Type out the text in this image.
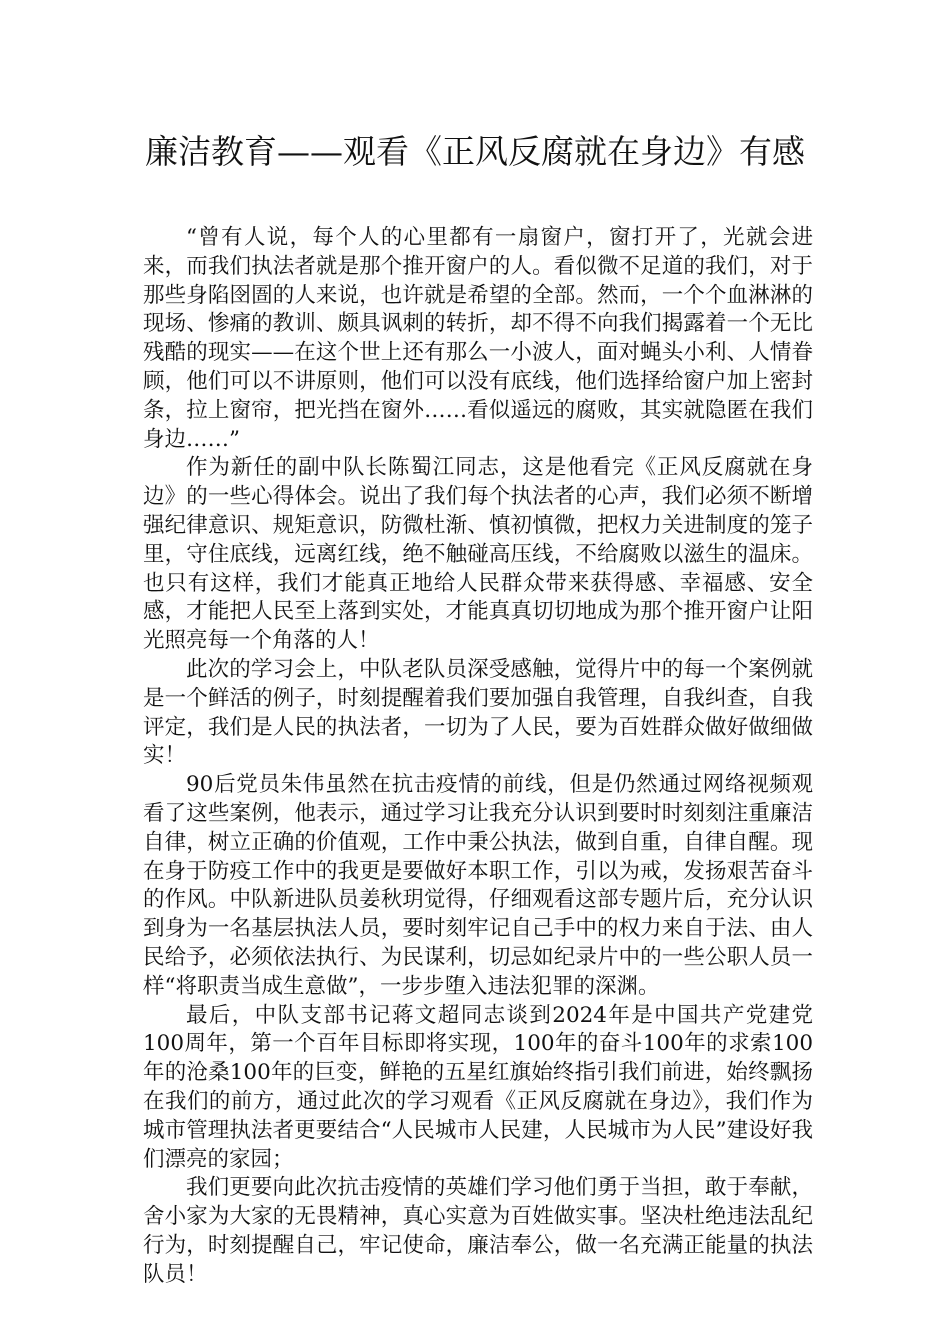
廉洁教育——观看《正风反腐就在身边》有感

“曾有人说，每个人的心里都有一扇窗户，窗打开了，光就会进来，而我们执法者就是那个推开窗户的人。看似微不足道的我们，对于那些身陷囹圄的人来说，也许就是希望的全部。然而，一个个血淋淋的现场、惨痛的教训、颇具讽刺的转折，却不得不向我们揭露着一个无比残酷的现实——在这个世上还有那么一小波人，面对蝇头小利、人情眷顾，他们可以不讲原则，他们可以没有底线，他们选择给窗户加上密封条，拉上窗帘，把光挡在窗外……看似遥远的腐败，其实就隐匿在我们身边……”

作为新任的副中队长陈蜀江同志，这是他看完《正风反腐就在身边》的一些心得体会。说出了我们每个执法者的心声，我们必须不断增强纪律意识、规矩意识，防微杜渐、慎初慎微，把权力关进制度的笼子里，守住底线，远离红线，绝不触碰高压线，不给腐败以滋生的温床。也只有这样，我们才能真正地给人民群众带来获得感、幸福感、安全感，才能把人民至上落到实处，才能真真切切地成为那个推开窗户让阳光照亮每一个角落的人！

此次的学习会上，中队老队员深受感触，觉得片中的每一个案例就是一个鲜活的例子，时刻提醒着我们要加强自我管理，自我纠查，自我评定，我们是人民的执法者，一切为了人民，要为百姓群众做好做细做实！

90后党员朱伟虽然在抗击疫情的前线，但是仍然通过网络视频观看了这些案例，他表示，通过学习让我充分认识到要时时刻刻注重廉洁自律，树立正确的价值观，工作中秉公执法，做到自重，自律自醒。现在身于防疫工作中的我更是要做好本职工作，引以为戒，发扬艰苦奋斗的作风。中队新进队员姜秋玥觉得，仔细观看这部专题片后，充分认识到身为一名基层执法人员，要时刻牢记自己手中的权力来自于法、由人民给予，必须依法执行、为民谋利，切忌如纪录片中的一些公职人员一样“将职责当成生意做”，一步步堕入违法犯罪的深渊。

最后，中队支部书记蒋文超同志谈到2024年是中国共产党建党100周年，第一个百年目标即将实现，100年的奋斗100年的求索100年的沧桑100年的巨变，鲜艳的五星红旗始终指引我们前进，始终飘扬在我们的前方，通过此次的学习观看《正风反腐就在身边》，我们作为城市管理执法者更要结合“人民城市人民建，人民城市为人民”建设好我们漂亮的家园；

我们更要向此次抗击疫情的英雄们学习他们勇于当担，敢于奉献，舍小家为大家的无畏精神，真心实意为百姓做实事。坚决杜绝违法乱纪行为，时刻提醒自己，牢记使命，廉洁奉公，做一名充满正能量的执法队员！
